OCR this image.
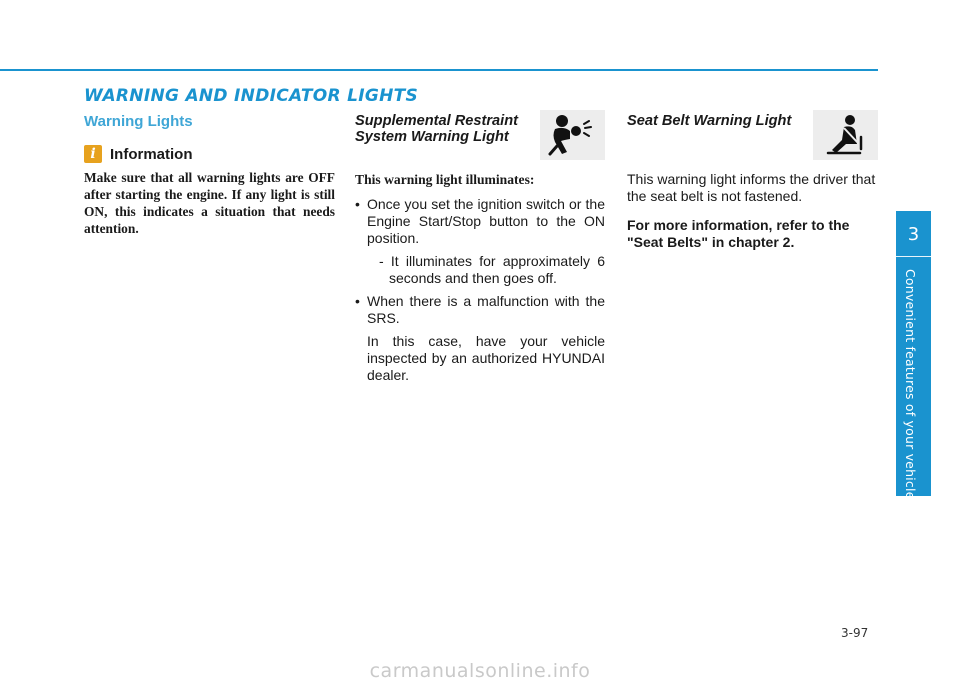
WARNING AND INDICATOR LIGHTS
Warning Lights
i Information

Make sure that all warning lights are OFF after starting the engine. If any light is still ON, this indicates a situation that needs attention.

Supplemental Restraint
System Warning Light

This warning light illuminates:

• Once you set the ignition switch or the Engine Start/Stop button to the ON position.

- It illuminates for approximately 6 seconds and then goes off.

• When there is a malfunction with the SRS.

In this case, have your vehicle inspected by an authorized HYUNDAI dealer.

Seat Belt Warning Light

This warning light informs the driver that the seat belt is not fastened.

For more information, refer to the "Seat Belts" in chapter 2.	3
Convenient features of your vehicle
3-97
carmanualsonline.info
